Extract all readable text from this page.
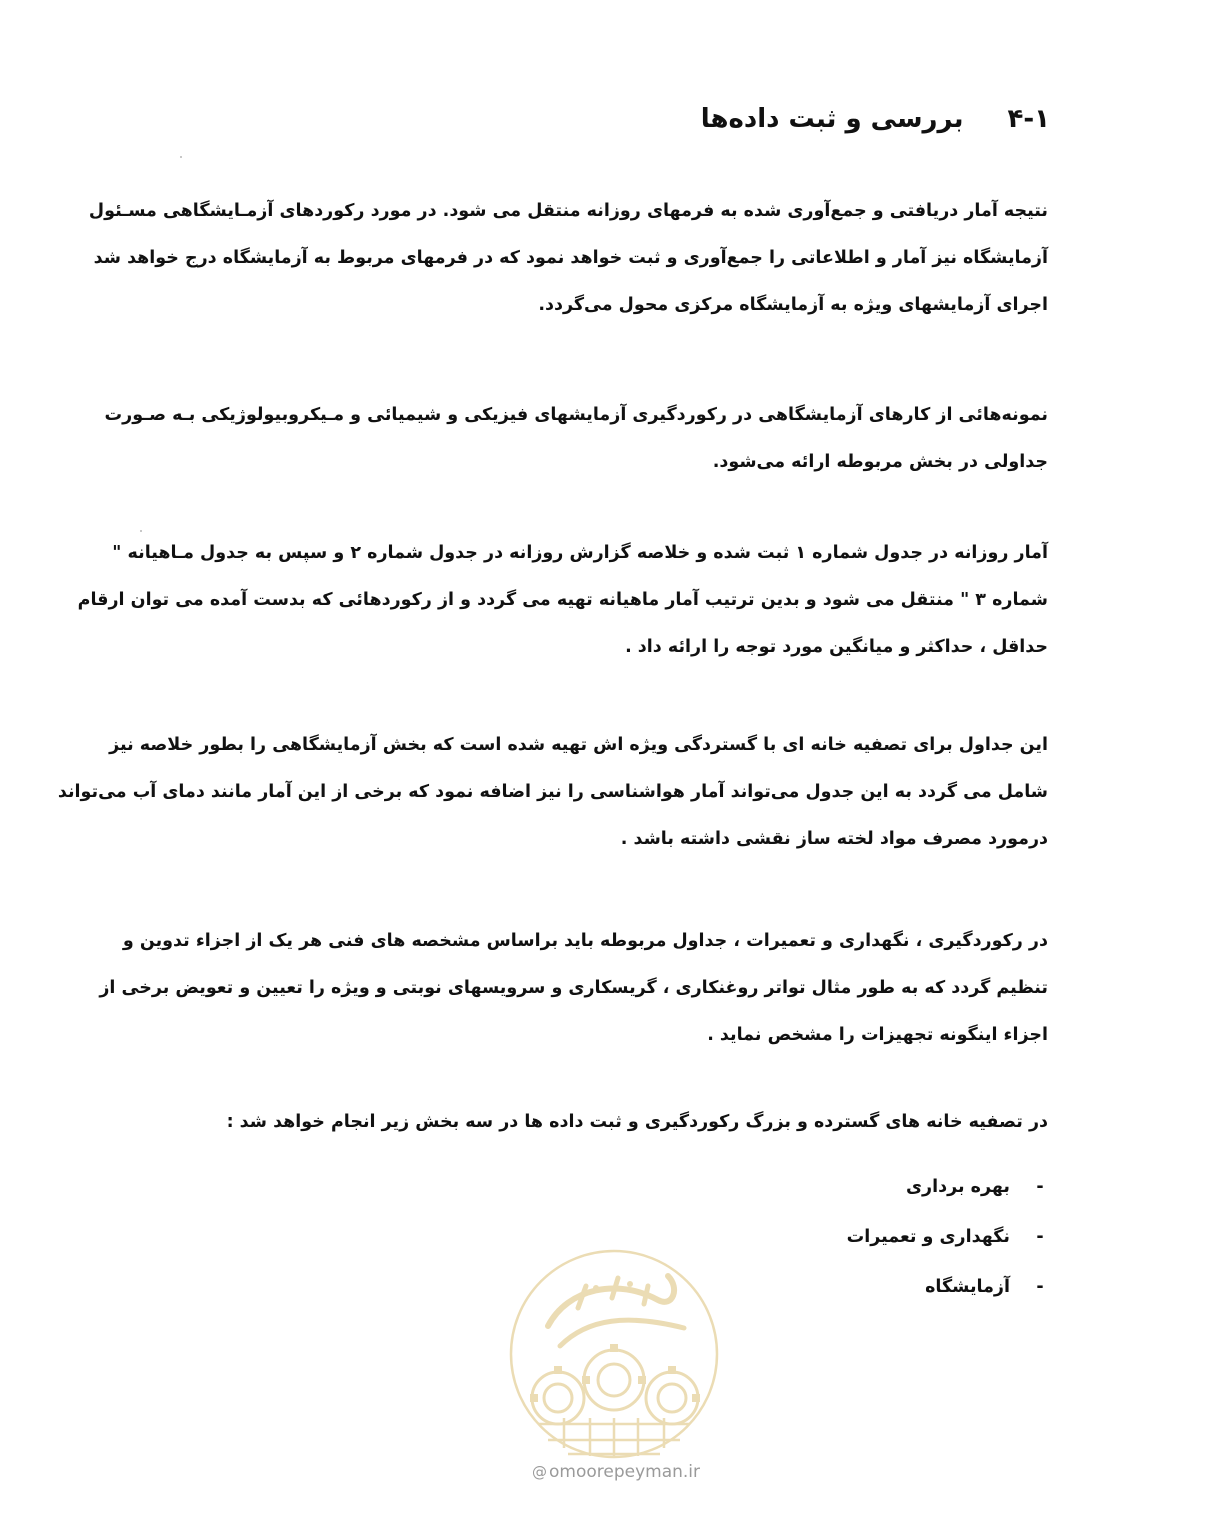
۴-۱
بررسی و ثبت داده‌ها
نتیجه آمار دریافتی و جمع‌آوری شده به فرمهای روزانه منتقل می شود. در مورد رکوردهای آزمـایشگاهی مسـئول
آزمایشگاه نیز آمار و اطلاعاتی را جمع‌آوری و ثبت خواهد نمود که در فرمهای مربوط به آزمایشگاه درج خواهد شد
اجرای آزمایشهای ویژه به آزمایشگاه مرکزی محول می‌گردد.
نمونه‌هائی از کارهای آزمایشگاهی در رکوردگیری آزمایشهای فیزیکی و شیمیائی و مـیکروبیولوژیکی بـه صـورت
جداولی در بخش مربوطه ارائه می‌شود.
آمار روزانه در جدول شماره ۱ ثبت شده و خلاصه گزارش روزانه در جدول شماره ۲ و سپس به جدول مـاهیانه "
شماره ۳ " منتقل می شود و بدین ترتیب آمار ماهیانه تهیه می گردد و از رکوردهائی که بدست آمده می توان ارقام
حداقل ، حداکثر و میانگین مورد توجه را ارائه داد .
این جداول برای تصفیه خانه ای با گستردگی ویژه اش تهیه شده است که بخش آزمایشگاهی را بطور خلاصه نیز
شامل می گردد به این جدول می‌تواند آمار هواشناسی را نیز اضافه نمود که برخی از این آمار مانند دمای آب می‌تواند
درمورد مصرف مواد لخته ساز نقشی داشته باشد .
در رکوردگیری ، نگهداری و تعمیرات ، جداول مربوطه باید براساس مشخصه های فنی هر یک از اجزاء تدوین و
تنظیم گردد که به طور مثال تواتر روغنکاری ، گریسکاری و سرویسهای نوبتی و ویژه را تعیین و تعویض برخی از
اجزاء اینگونه تجهیزات را مشخص نماید .
در تصفیه خانه های گسترده و بزرگ رکوردگیری و ثبت داده ها در سه بخش زیر انجام خواهد شد :
-
بهره برداری
-
نگهداری و تعمیرات
-
آزمایشگاه
@ omoorepeyman.ir
